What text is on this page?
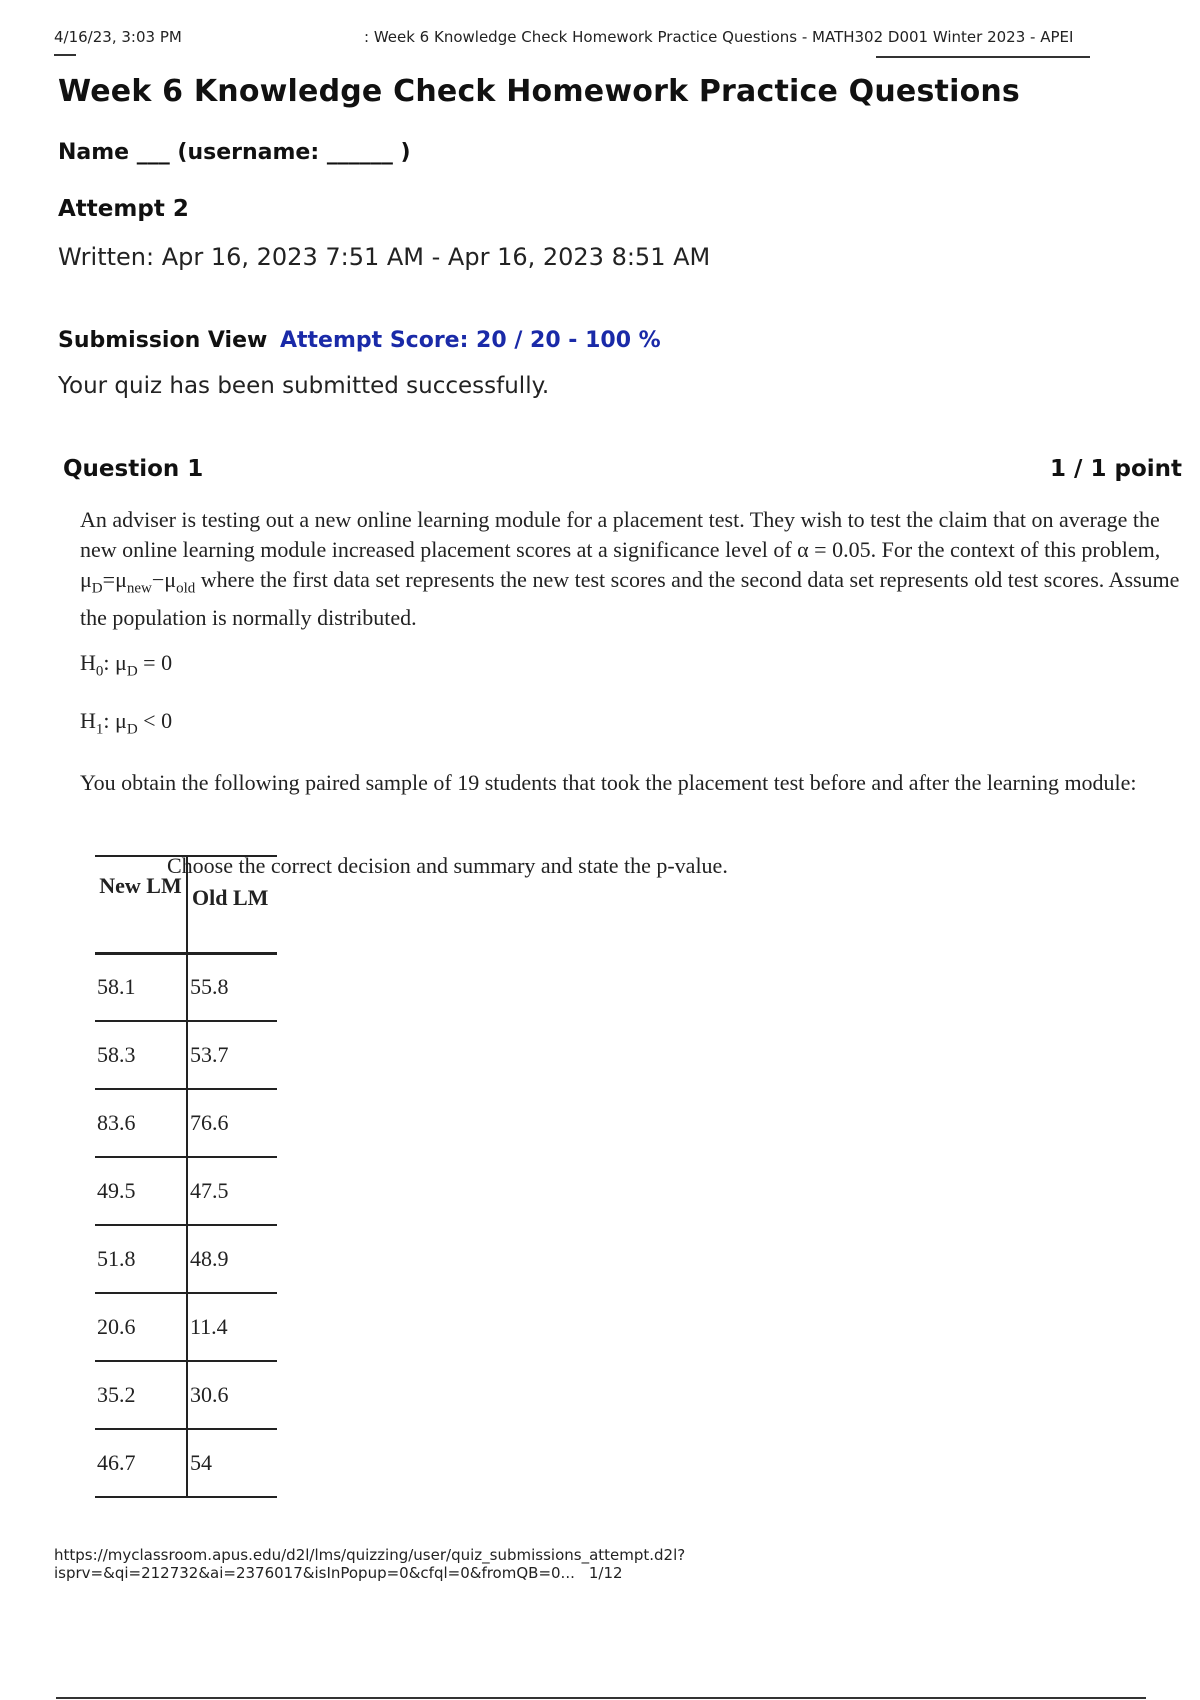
4/16/23, 3:03 PM	: Week 6 Knowledge Check Homework Practice Questions - MATH302 D001 Winter 2023 - APEI
Week 6 Knowledge Check Homework Practice Questions
Name ___ (username: ______ )
Attempt 2
Written: Apr 16, 2023 7:51 AM - Apr 16, 2023 8:51 AM
Submission View Attempt Score: 20 / 20 - 100 %
Your quiz has been submitted successfully.
Question 1	1 / 1 point
An adviser is testing out a new online learning module for a placement test. They wish to test the claim that on average the new online learning module increased placement scores at a significance level of α = 0.05. For the context of this problem, $\mu_D=\mu_{new}-\mu_{old}$ where the first data set represents the new test scores and the second data set represents old test scores. Assume the population is normally distributed.
$H_0$: $\mu_D = 0$
$H_1$: $\mu_D < 0$
You obtain the following paired sample of 19 students that took the placement test before and after the learning module:
Choose the correct decision and summary and state the p-value.
New LM	Old LM
58.1	55.8
58.3	53.7
83.6	76.6
49.5	47.5
51.8	48.9
20.6	11.4
35.2	30.6
46.7	54
https://myclassroom.apus.edu/d2l/lms/quizzing/user/quiz_submissions_attempt.d2l?
isprv=&qi=212732&ai=2376017&isInPopup=0&cfql=0&fromQB=0... 1/12
